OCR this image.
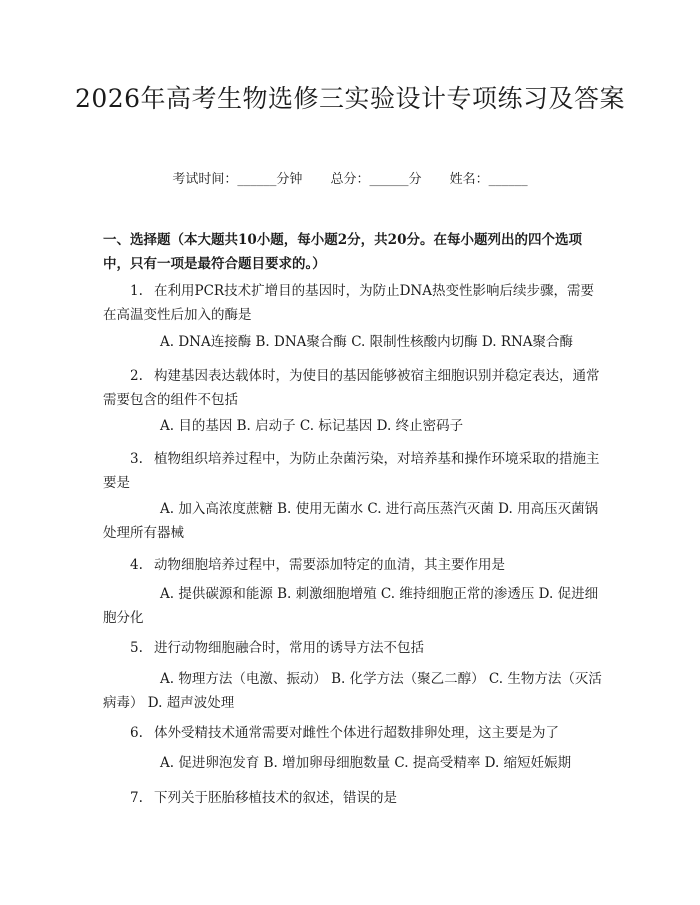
2026年高考生物选修三实验设计专项练习及答案
考试时间：______分钟 总分：______分 姓名：______
一、选择题（本大题共10小题，每小题2分，共20分。在每小题列出的四个选项中，只有一项是最符合题目要求的。）
1. 在利用PCR技术扩增目的基因时，为防止DNA热变性影响后续步骤，需要在高温变性后加入的酶是
A. DNA连接酶 B. DNA聚合酶 C. 限制性核酸内切酶 D. RNA聚合酶
2. 构建基因表达载体时，为使目的基因能够被宿主细胞识别并稳定表达，通常需要包含的组件不包括
A. 目的基因 B. 启动子 C. 标记基因 D. 终止密码子
3. 植物组织培养过程中，为防止杂菌污染，对培养基和操作环境采取的措施主要是
A. 加入高浓度蔗糖 B. 使用无菌水 C. 进行高压蒸汽灭菌 D. 用高压灭菌锅处理所有器械
4. 动物细胞培养过程中，需要添加特定的血清，其主要作用是
A. 提供碳源和能源 B. 刺激细胞增殖 C. 维持细胞正常的渗透压 D. 促进细胞分化
5. 进行动物细胞融合时，常用的诱导方法不包括
A. 物理方法（电激、振动） B. 化学方法（聚乙二醇） C. 生物方法（灭活病毒） D. 超声波处理
6. 体外受精技术通常需要对雌性个体进行超数排卵处理，这主要是为了
A. 促进卵泡发育 B. 增加卵母细胞数量 C. 提高受精率 D. 缩短妊娠期
7. 下列关于胚胎移植技术的叙述，错误的是
